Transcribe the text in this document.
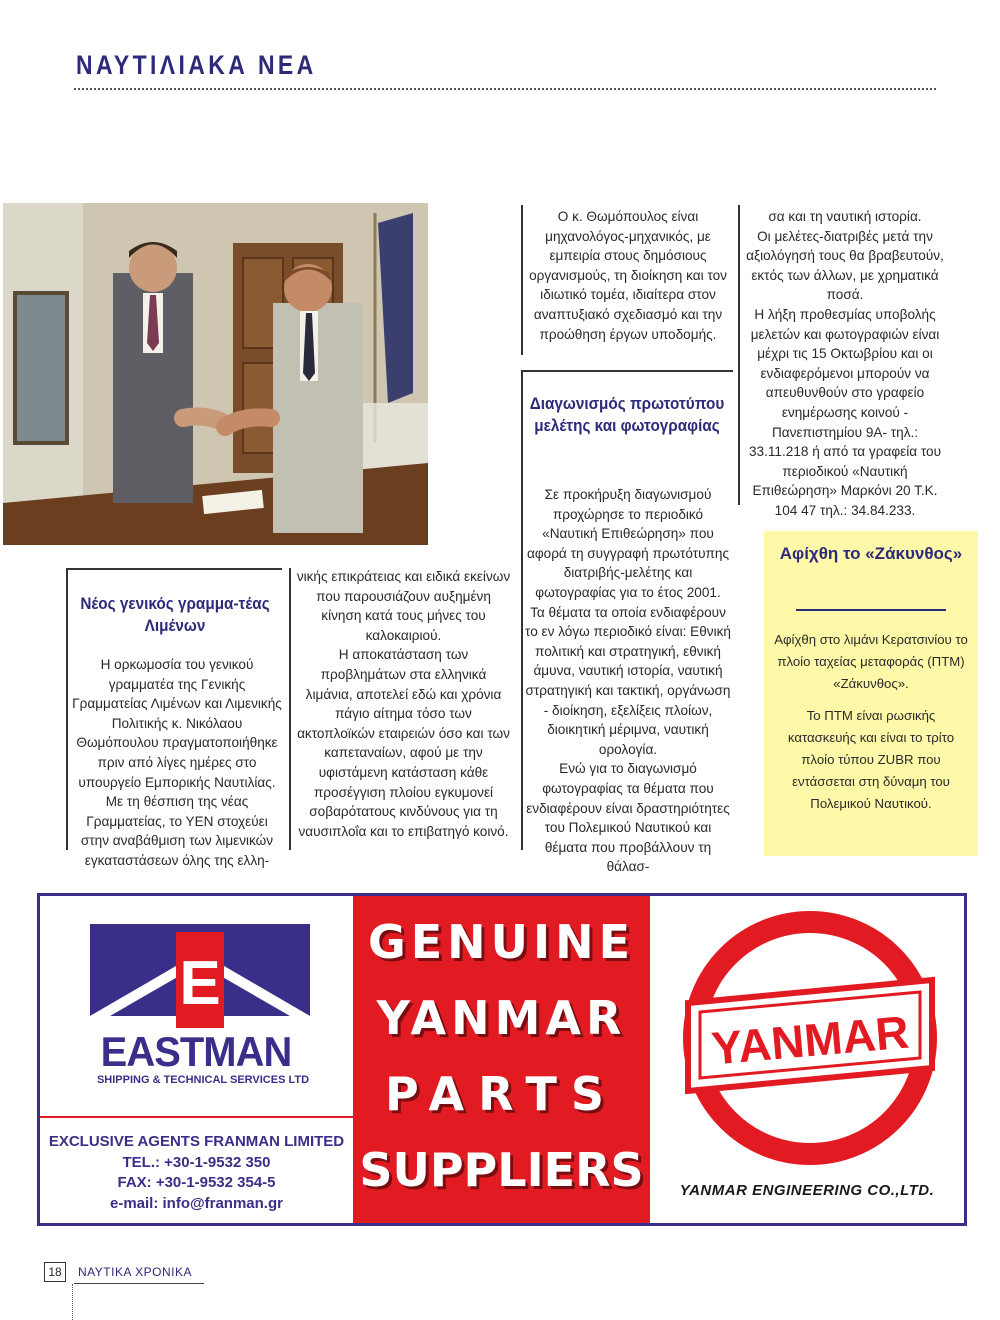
ΝΑΥΤΙΛΙΑΚΑ ΝΕΑ
Νέος γενικός γραμμα-τέας Λιμένων

Η ορκωμοσία του γενικού γραμματέα της Γενικής Γραμματείας Λιμένων και Λιμενικής Πολιτικής κ. Νικόλαου Θωμόπουλου πραγματοποιήθηκε πριν από λίγες ημέρες στο υπουργείο Εμπορικής Ναυτιλίας.

Με τη θέσπιση της νέας Γραμματείας, το ΥΕΝ στοχεύει στην αναβάθμιση των λιμενικών εγκαταστάσεων όλης της ελλη-

νικής επικράτειας και ειδικά εκείνων που παρουσιάζουν αυξημένη κίνηση κατά τους μήνες του καλοκαιριού.

Η αποκατάσταση των προβλημάτων στα ελληνικά λιμάνια, αποτελεί εδώ και χρόνια πάγιο αίτημα τόσο των ακτοπλοϊκών εταιρειών όσο και των καπεταναίων, αφού με την υφιστάμενη κατάσταση κάθε προσέγγιση πλοίου εγκυμονεί σοβαρότατους κινδύνους για τη ναυσιπλοΐα και το επιβατηγό κοινό.

Ο κ. Θωμόπουλος είναι μηχανολόγος-μηχανικός, με εμπειρία στους δημόσιους οργανισμούς, τη διοίκηση και τον ιδιωτικό τομέα, ιδιαίτερα στον αναπτυξιακό σχεδιασμό και την προώθηση έργων υποδομής.

Διαγωνισμός πρωτοτύπου μελέτης και φωτογραφίας

Σε προκήρυξη διαγωνισμού προχώρησε το περιοδικό «Ναυτική Επιθεώρηση» που αφορά τη συγγραφή πρωτότυπης διατριβής-μελέτης και φωτογραφίας για το έτος 2001.

Τα θέματα τα οποία ενδιαφέρουν το εν λόγω περιοδικό είναι: Εθνική πολιτική και στρατηγική, εθνική άμυνα, ναυτική ιστορία, ναυτική στρατηγική και τακτική, οργάνωση - διοίκηση, εξελίξεις πλοίων, διοικητική μέριμνα, ναυτική ορολογία.

Ενώ για το διαγωνισμό φωτογραφίας τα θέματα που ενδιαφέρουν είναι δραστηριότητες του Πολεμικού Ναυτικού και θέματα που προβάλλουν τη θάλασ-

σα και τη ναυτική ιστορία.

Οι μελέτες-διατριβές μετά την αξιολόγησή τους θα βραβευτούν, εκτός των άλλων, με χρηματικά ποσά.

Η λήξη προθεσμίας υποβολής μελετών και φωτογραφιών είναι μέχρι τις 15 Οκτωβρίου και οι ενδιαφερόμενοι μπορούν να απευθυνθούν στο γραφείο ενημέρωσης κοινού - Πανεπιστημίου 9Α- τηλ.: 33.11.218 ή από τα γραφεία του περιοδικού «Ναυτική Επιθεώρηση» Μαρκόνι 20 Τ.Κ. 104 47 τηλ.: 34.84.233.

Αφίχθη το «Ζάκυνθος»

Αφίχθη στο λιμάνι Κερατσινίου το πλοίο ταχείας μεταφοράς (ΠΤΜ) «Ζάκυνθος».

Το ΠΤΜ είναι ρωσικής κατασκευής και είναι το τρίτο πλοίο τύπου ZUBR που εντάσσεται στη δύναμη του Πολεμικού Ναυτικού.

E
EASTMAN
SHIPPING & TECHNICAL SERVICES LTD
EXCLUSIVE AGENTS FRANMAN LIMITED
TEL.: +30-1-9532 350
FAX: +30-1-9532 354-5
e-mail: info@franman.gr
GENUINE
YANMAR
PARTS
SUPPLIERS
YANMAR
YANMAR ENGINEERING CO.,LTD.
18	ΝΑΥΤΙΚΑ ΧΡΟΝΙΚΑ
